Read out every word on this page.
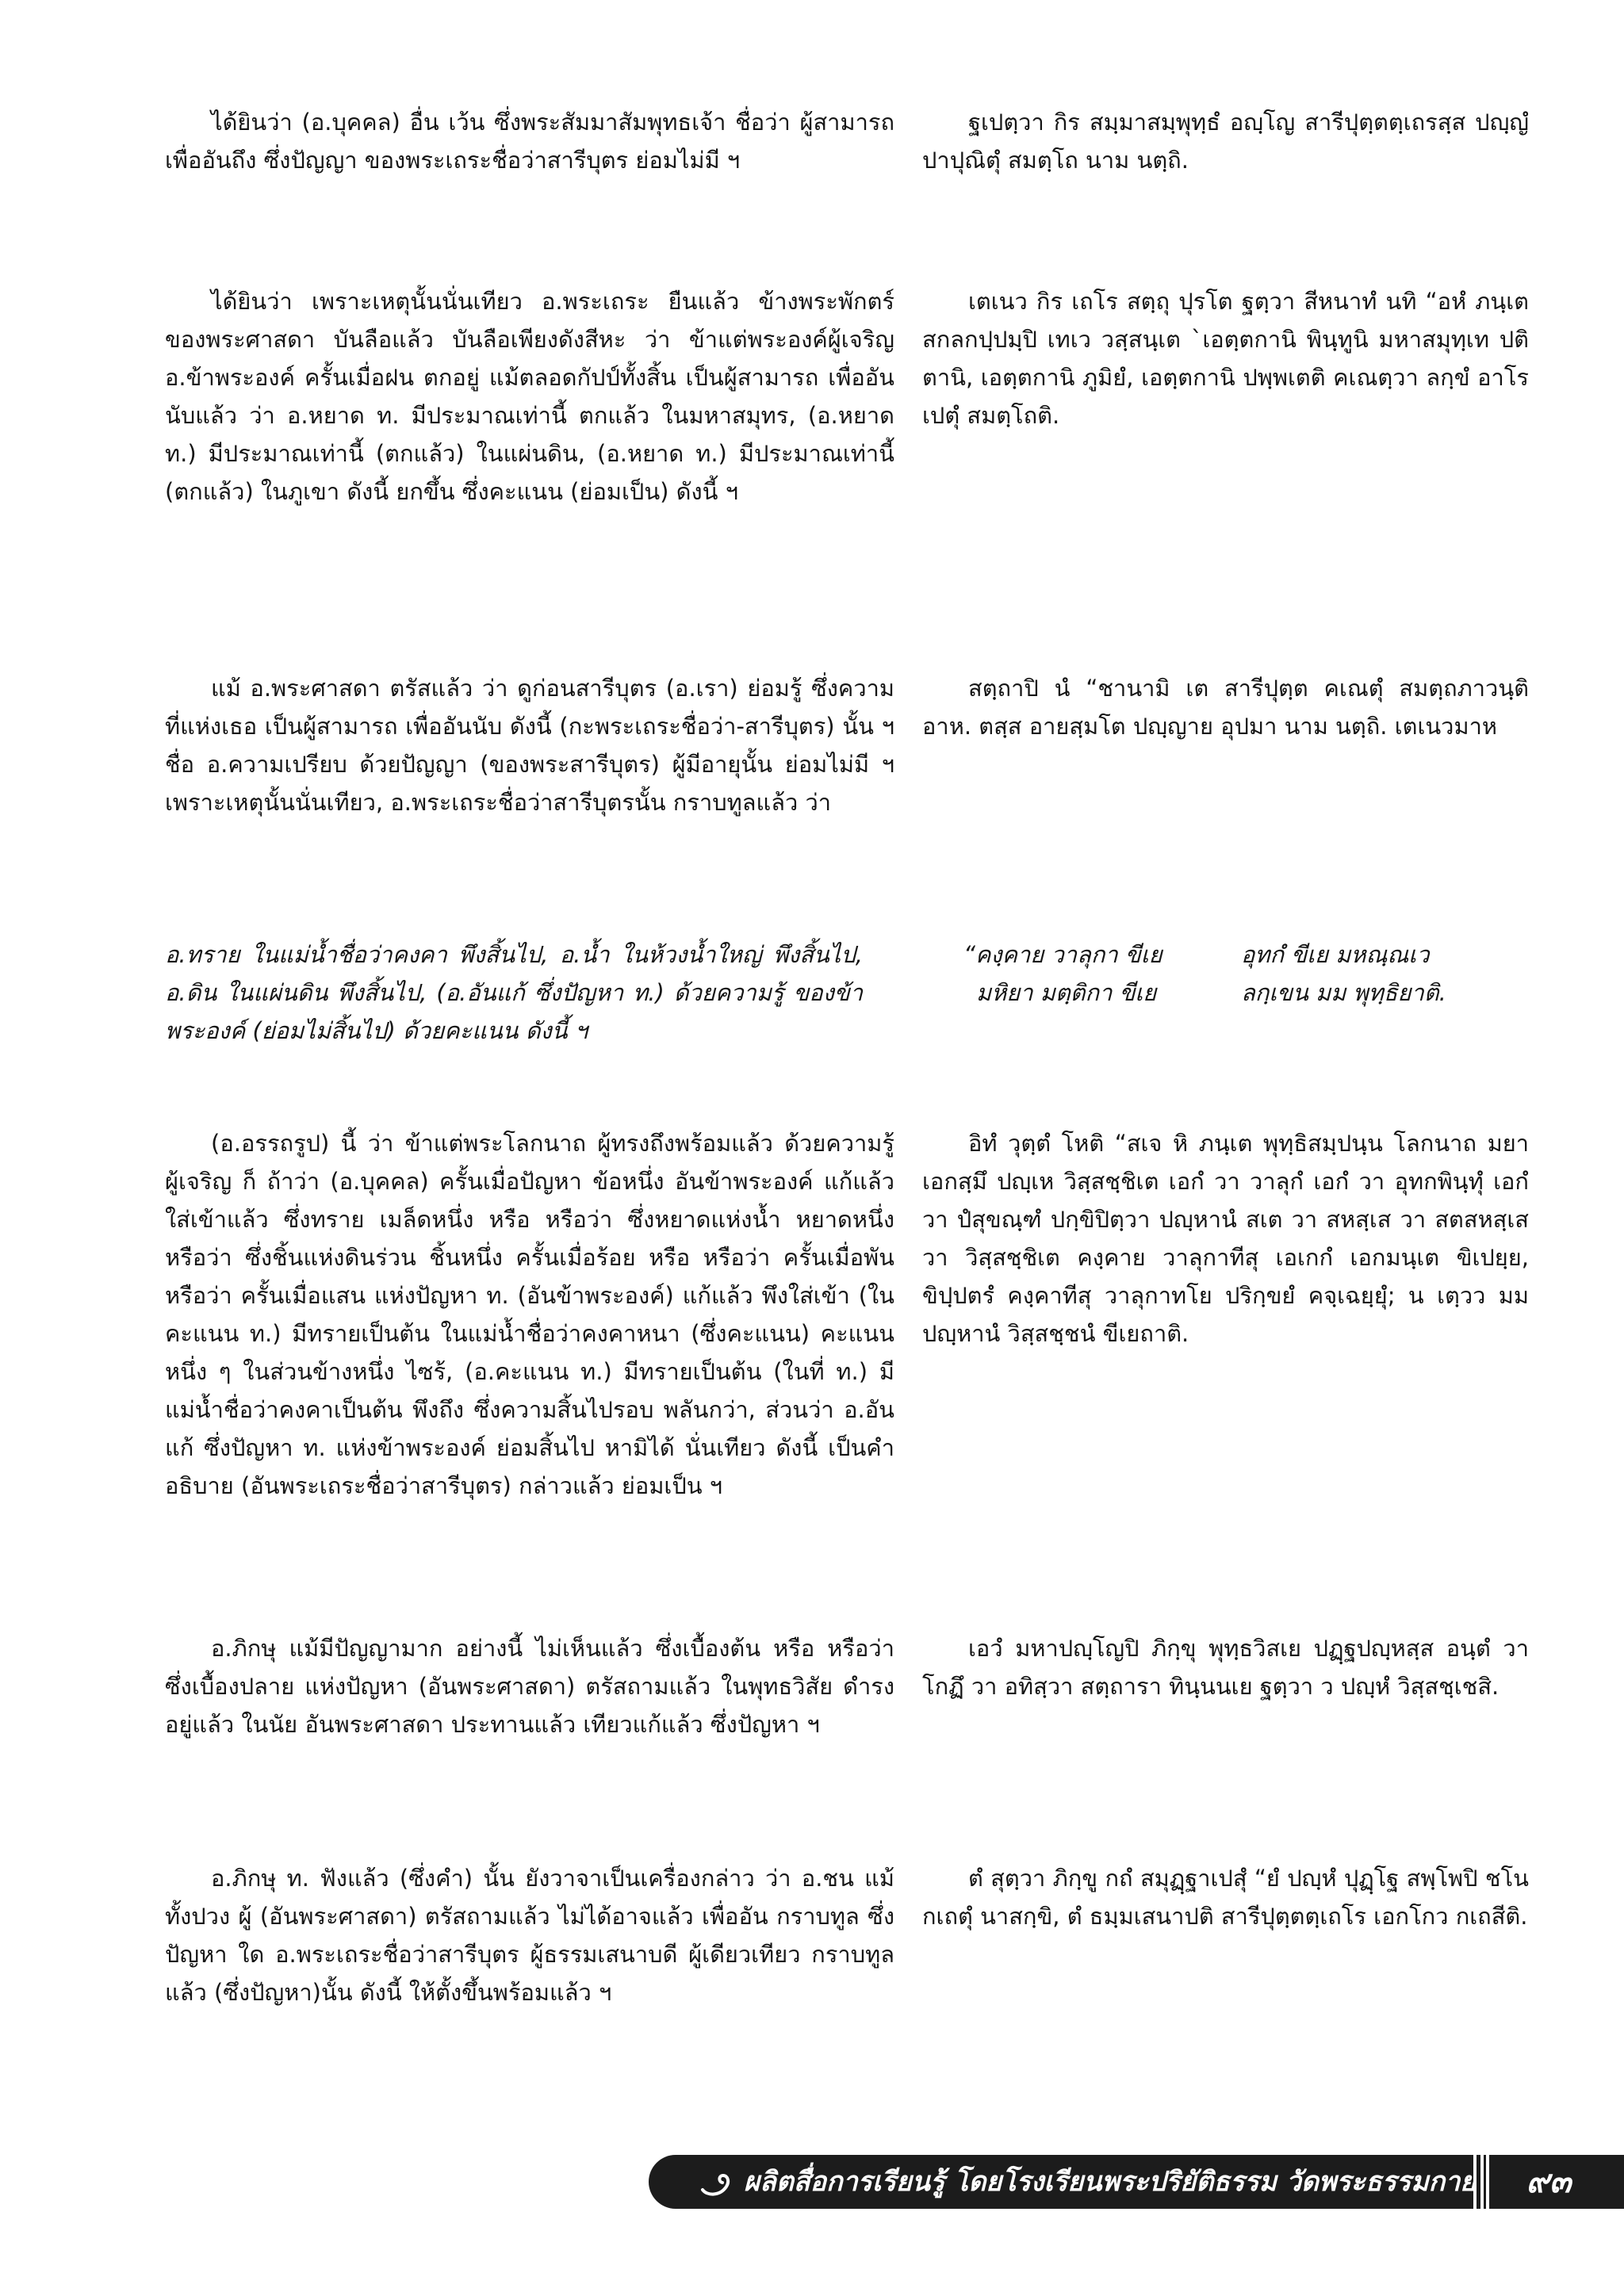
ได้ยินว่า (อ.บุคคล) อื่น เว้น ซึ่งพระสัมมาสัมพุทธเจ้า ชื่อว่า ผู้สามารถ เพื่ออันถึง ซึ่งปัญญา ของพระเถระชื่อว่าสารีบุตร ย่อมไม่มี ฯ

ฐเปตฺวา กิร สมฺมาสมฺพุทฺธํ อญฺโญ สารีปุตฺตตฺเถรสฺส ปญฺญํ ปาปุณิตุํ สมตฺโถ นาม นตฺถิ.

ได้ยินว่า เพราะเหตุนั้นนั่นเทียว อ.พระเถระ ยืนแล้ว ข้างพระพักตร์ ของพระศาสดา บันลือแล้ว บันลือเพียงดังสีหะ ว่า ข้าแต่พระองค์ผู้เจริญ อ.ข้าพระองค์ ครั้นเมื่อฝน ตกอยู่ แม้ตลอดกัปป์ทั้งสิ้น เป็นผู้สามารถ เพื่ออัน นับแล้ว ว่า อ.หยาด ท. มีประมาณเท่านี้ ตกแล้ว ในมหาสมุทร, (อ.หยาด ท.) มีประมาณเท่านี้ (ตกแล้ว) ในแผ่นดิน, (อ.หยาด ท.) มีประมาณเท่านี้ (ตกแล้ว) ในภูเขา ดังนี้ ยกขึ้น ซึ่งคะแนน (ย่อมเป็น) ดังนี้ ฯ

เตเนว กิร เถโร สตฺถุ ปุรโต ฐตฺวา สีหนาทํ นทิ “อหํ ภนฺเต สกลกปฺปมฺปิ เทเว วสฺสนฺเต `เอตฺตกานิ พินฺทูนิ มหาสมุทฺเท ปติตานิ, เอตฺตกานิ ภูมิยํ, เอตฺตกานิ ปพฺพเตติ คเณตฺวา ลกฺขํ อาโรเปตุํ สมตฺโถติ.

แม้ อ.พระศาสดา ตรัสแล้ว ว่า ดูก่อนสารีบุตร (อ.เรา) ย่อมรู้ ซึ่งความที่แห่งเธอ เป็นผู้สามารถ เพื่ออันนับ ดังนี้ (กะพระเถระชื่อว่า-สารีบุตร) นั้น ฯ ชื่อ อ.ความเปรียบ ด้วยปัญญา (ของพระสารีบุตร) ผู้มีอายุนั้น ย่อมไม่มี ฯ เพราะเหตุนั้นนั่นเทียว, อ.พระเถระชื่อว่าสารีบุตรนั้น กราบทูลแล้ว ว่า

สตฺถาปิ นํ “ชานามิ เต สารีปุตฺต คเณตุํ สมตฺถภาวนฺติ อาห. ตสฺส อายสฺมโต ปญฺญาย อุปมา นาม นตฺถิ. เตเนวมาห

อ.ทราย ในแม่น้ำชื่อว่าคงคา พึงสิ้นไป, อ.น้ำ ในห้วงน้ำใหญ่ พึงสิ้นไป, อ.ดิน ในแผ่นดิน พึงสิ้นไป, (อ.อันแก้ ซึ่งปัญหา ท.) ด้วยความรู้ ของข้าพระองค์ (ย่อมไม่สิ้นไป) ด้วยคะแนน ดังนี้ ฯ

“คงฺคาย วาลุกา ขีเย	อุทกํ ขีเย มหณฺณเว
มหิยา มตฺติกา ขีเย	ลกฺเขน มม พุทฺธิยาติ.

(อ.อรรถรูป) นี้ ว่า ข้าแต่พระโลกนาถ ผู้ทรงถึงพร้อมแล้ว ด้วยความรู้ ผู้เจริญ ก็ ถ้าว่า (อ.บุคคล) ครั้นเมื่อปัญหา ข้อหนึ่ง อันข้าพระองค์ แก้แล้ว ใส่เข้าแล้ว ซึ่งทราย เมล็ดหนึ่ง หรือ หรือว่า ซึ่งหยาดแห่งน้ำ หยาดหนึ่ง หรือว่า ซึ่งชิ้นแห่งดินร่วน ชิ้นหนึ่ง ครั้นเมื่อร้อย หรือ หรือว่า ครั้นเมื่อพัน หรือว่า ครั้นเมื่อแสน แห่งปัญหา ท. (อันข้าพระองค์) แก้แล้ว พึงใส่เข้า (ในคะแนน ท.) มีทรายเป็นต้น ในแม่น้ำชื่อว่าคงคาหนา (ซึ่งคะแนน) คะแนนหนึ่ง ๆ ในส่วนข้างหนึ่ง ไซร้, (อ.คะแนน ท.) มีทรายเป็นต้น (ในที่ ท.) มีแม่น้ำชื่อว่าคงคาเป็นต้น พึงถึง ซึ่งความสิ้นไปรอบ พลันกว่า, ส่วนว่า อ.อันแก้ ซึ่งปัญหา ท. แห่งข้าพระองค์ ย่อมสิ้นไป หามิได้ นั่นเทียว ดังนี้ เป็นคำอธิบาย (อันพระเถระชื่อว่าสารีบุตร) กล่าวแล้ว ย่อมเป็น ฯ

อิทํ วุตฺตํ โหติ “สเจ หิ ภนฺเต พุทฺธิสมฺปนฺน โลกนาถ มยา เอกสฺมึ ปญฺเห วิสฺสชฺชิเต เอกํ วา วาลุกํ เอกํ วา อุทกพินฺทุํ เอกํ วา ปํสุขณฺฑํ ปกฺขิปิตฺวา ปญฺหานํ สเต วา สหสฺเส วา สตสหสฺเส วา วิสฺสชฺชิเต คงฺคาย วาลุกาทีสุ เอเกกํ เอกมนฺเต ขิเปยฺย, ขิปฺปตรํ คงฺคาทีสุ วาลุกาทโย ปริกฺขยํ คจฺเฉยฺยุํ; น เตฺวว มม ปญฺหานํ วิสฺสชฺชนํ ขีเยถาติ.

อ.ภิกษุ แม้มีปัญญามาก อย่างนี้ ไม่เห็นแล้ว ซึ่งเบื้องต้น หรือ หรือว่า ซึ่งเบื้องปลาย แห่งปัญหา (อันพระศาสดา) ตรัสถามแล้ว ในพุทธวิสัย ดำรงอยู่แล้ว ในนัย อันพระศาสดา ประทานแล้ว เทียวแก้แล้ว ซึ่งปัญหา ฯ

เอวํ มหาปญฺโญปิ ภิกฺขุ พุทฺธวิสเย ปฏฺฐปญฺหสฺส อนฺตํ วา โกฏึ วา อทิสฺวา สตฺถารา ทินฺนนเย ฐตฺวา ว ปญฺหํ วิสฺสชฺเชสิ.

อ.ภิกษุ ท. ฟังแล้ว (ซึ่งคำ) นั้น ยังวาจาเป็นเครื่องกล่าว ว่า อ.ชน แม้ทั้งปวง ผู้ (อันพระศาสดา) ตรัสถามแล้ว ไม่ได้อาจแล้ว เพื่ออัน กราบทูล ซึ่งปัญหา ใด อ.พระเถระชื่อว่าสารีบุตร ผู้ธรรมเสนาบดี ผู้เดียวเทียว กราบทูลแล้ว (ซึ่งปัญหา)นั้น ดังนี้ ให้ตั้งขึ้นพร้อมแล้ว ฯ

ตํ สุตฺวา ภิกฺขู กถํ สมุฏฺฐาเปสุํ “ยํ ปญฺหํ ปุฏฺโฐ สพฺโพปิ ชโน กเถตุํ นาสกฺขิ, ตํ ธมฺมเสนาปติ สารีปุตฺตตฺเถโร เอกโกว กเถสีติ.

ผลิตสื่อการเรียนรู้ โดยโรงเรียนพระปริยัติธรรม วัดพระธรรมกาย	๙๓
